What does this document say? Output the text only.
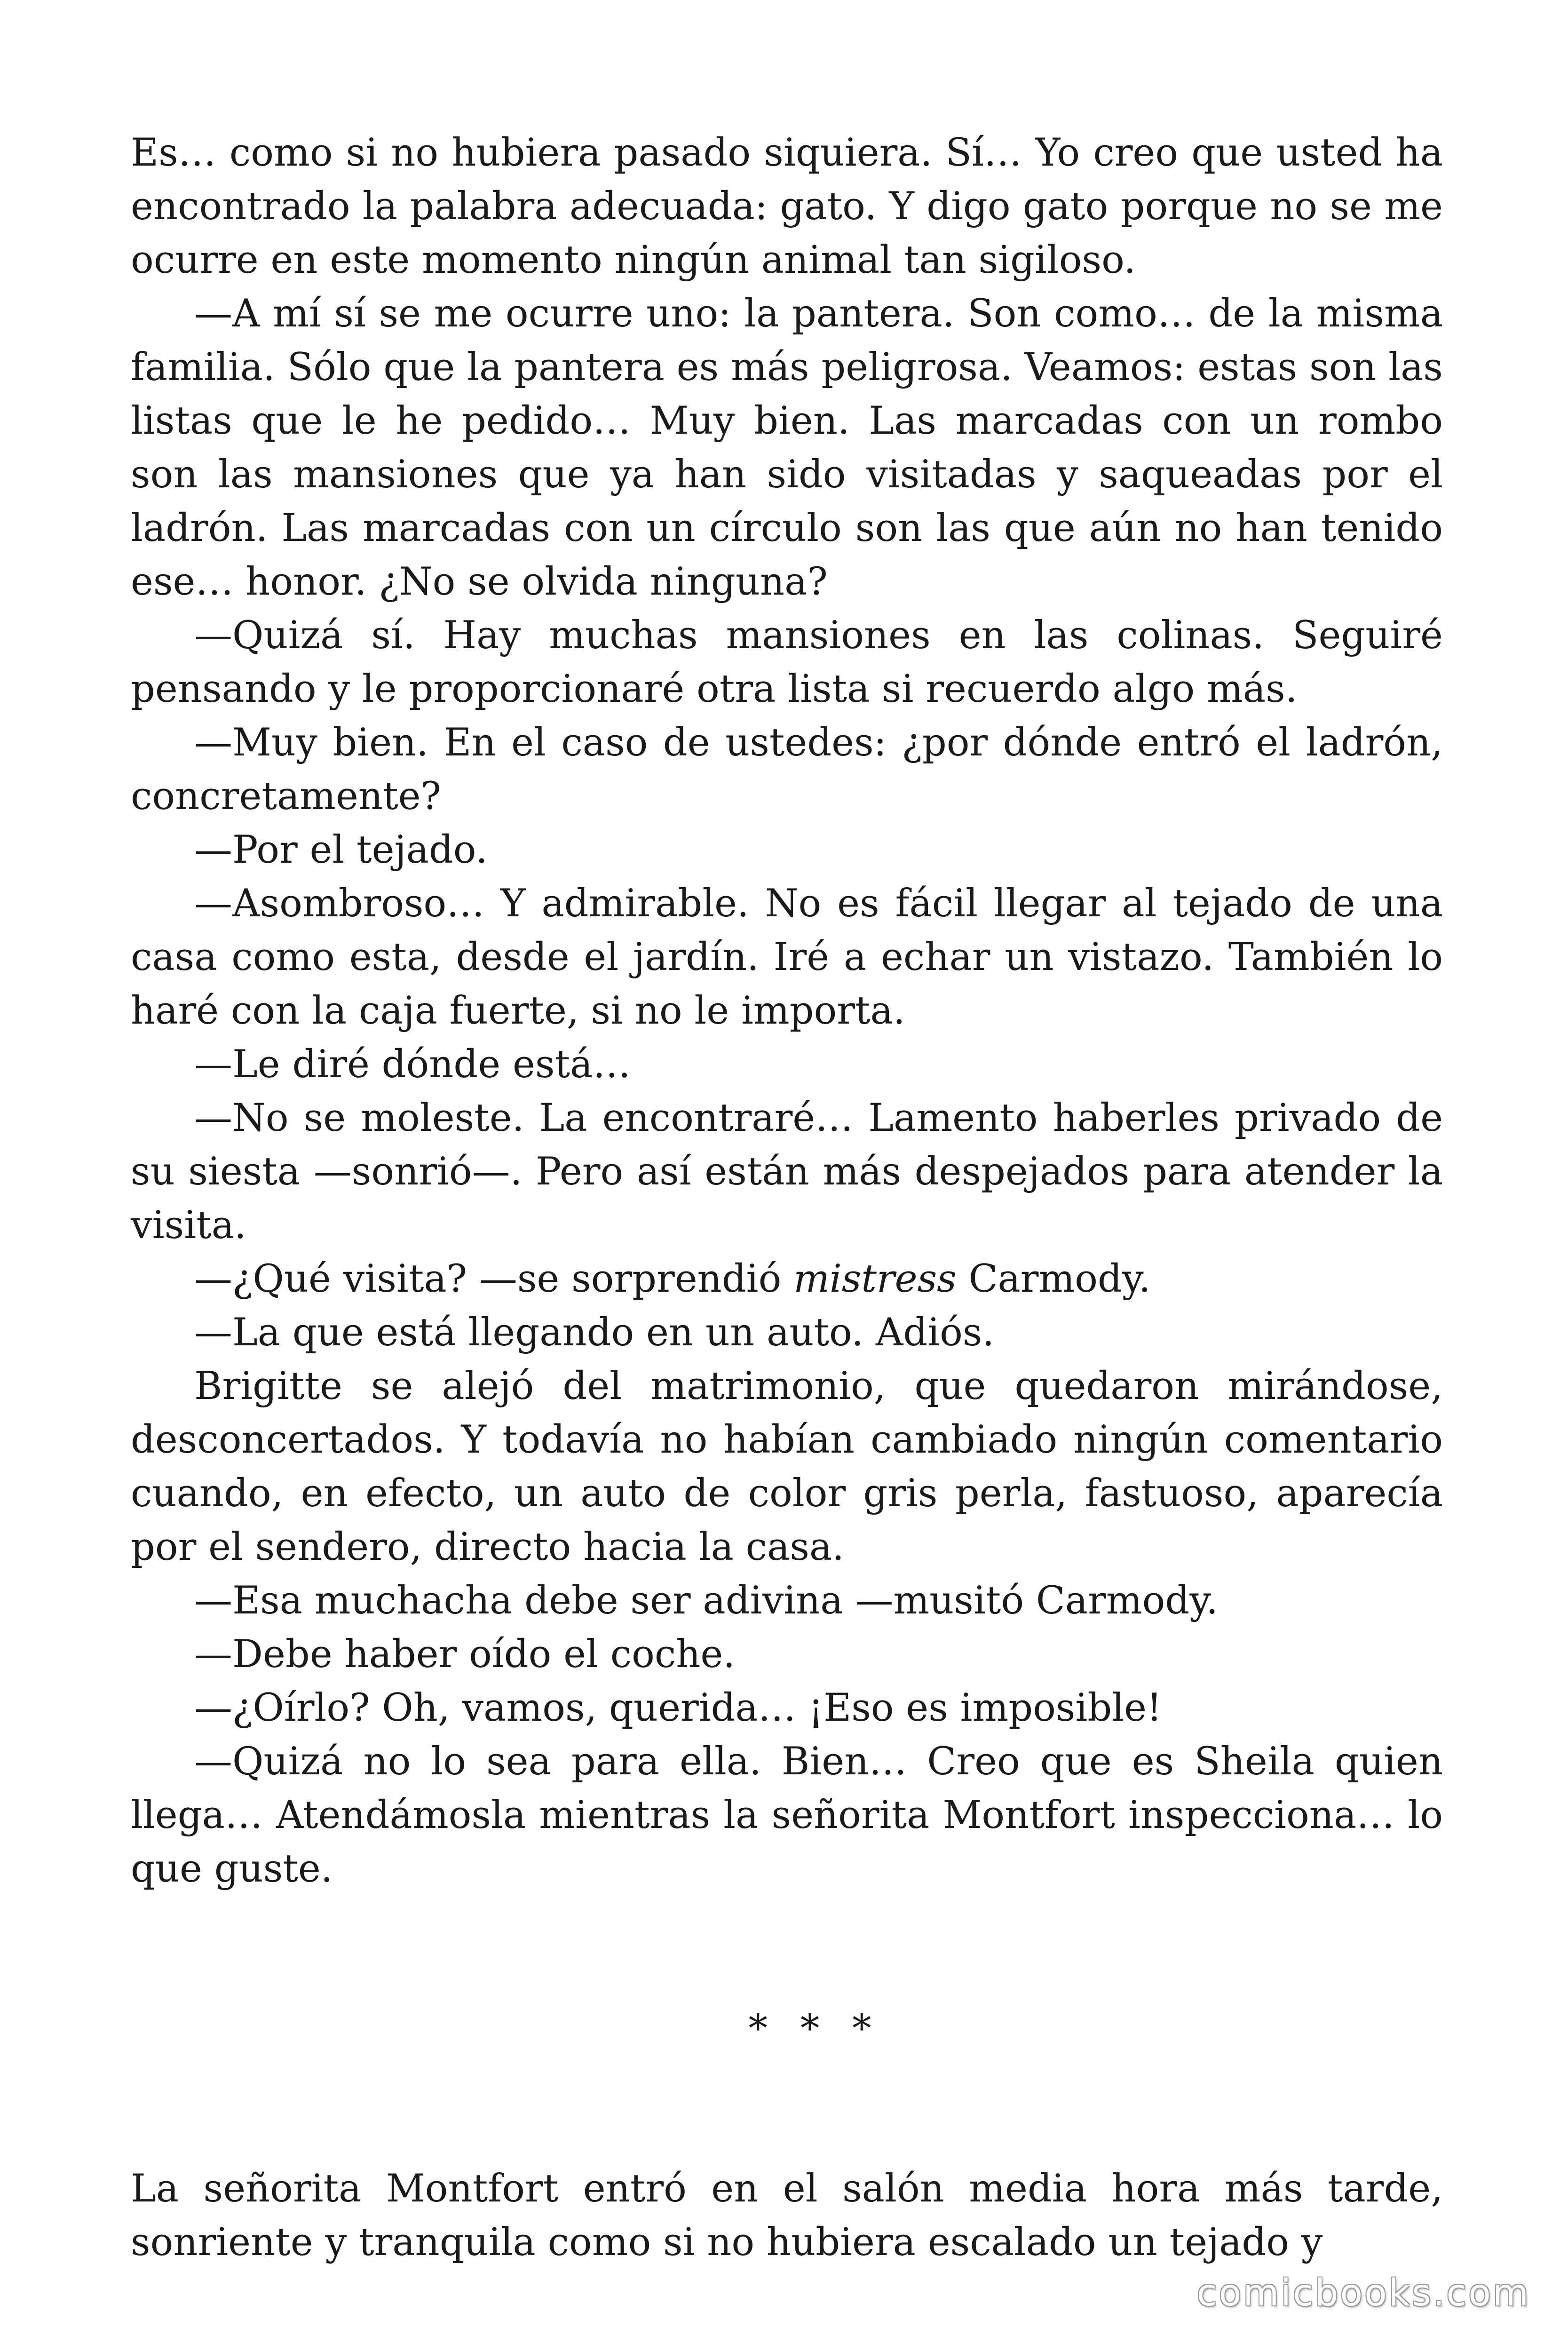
Es… como si no hubiera pasado siquiera. Sí… Yo creo que usted ha encontrado la palabra adecuada: gato. Y digo gato porque no se me ocurre en este momento ningún animal tan sigiloso.

—A mí sí se me ocurre uno: la pantera. Son como… de la misma familia. Sólo que la pantera es más peligrosa. Veamos: estas son las listas que le he pedido… Muy bien. Las marcadas con un rombo son las mansiones que ya han sido visitadas y saqueadas por el ladrón. Las marcadas con un círculo son las que aún no han tenido ese… honor. ¿No se olvida ninguna?

—Quizá sí. Hay muchas mansiones en las colinas. Seguiré pensando y le proporcionaré otra lista si recuerdo algo más.

—Muy bien. En el caso de ustedes: ¿por dónde entró el ladrón, concretamente?

—Por el tejado.

—Asombroso… Y admirable. No es fácil llegar al tejado de una casa como esta, desde el jardín. Iré a echar un vistazo. También lo haré con la caja fuerte, si no le importa.

—Le diré dónde está…

—No se moleste. La encontraré… Lamento haberles privado de su siesta —sonrió—. Pero así están más despejados para atender la visita.

—¿Qué visita? —se sorprendió mistress Carmody.

—La que está llegando en un auto. Adiós.

Brigitte se alejó del matrimonio, que quedaron mirándose, desconcertados. Y todavía no habían cambiado ningún comentario cuando, en efecto, un auto de color gris perla, fastuoso, aparecía por el sendero, directo hacia la casa.

—Esa muchacha debe ser adivina —musitó Carmody.

—Debe haber oído el coche.

—¿Oírlo? Oh, vamos, querida… ¡Eso es imposible!

—Quizá no lo sea para ella. Bien… Creo que es Sheila quien llega… Atendámosla mientras la señorita Montfort inspecciona… lo que guste.

* * *

La señorita Montfort entró en el salón media hora más tarde, sonriente y tranquila como si no hubiera escalado un tejado y

comicbooks.com
